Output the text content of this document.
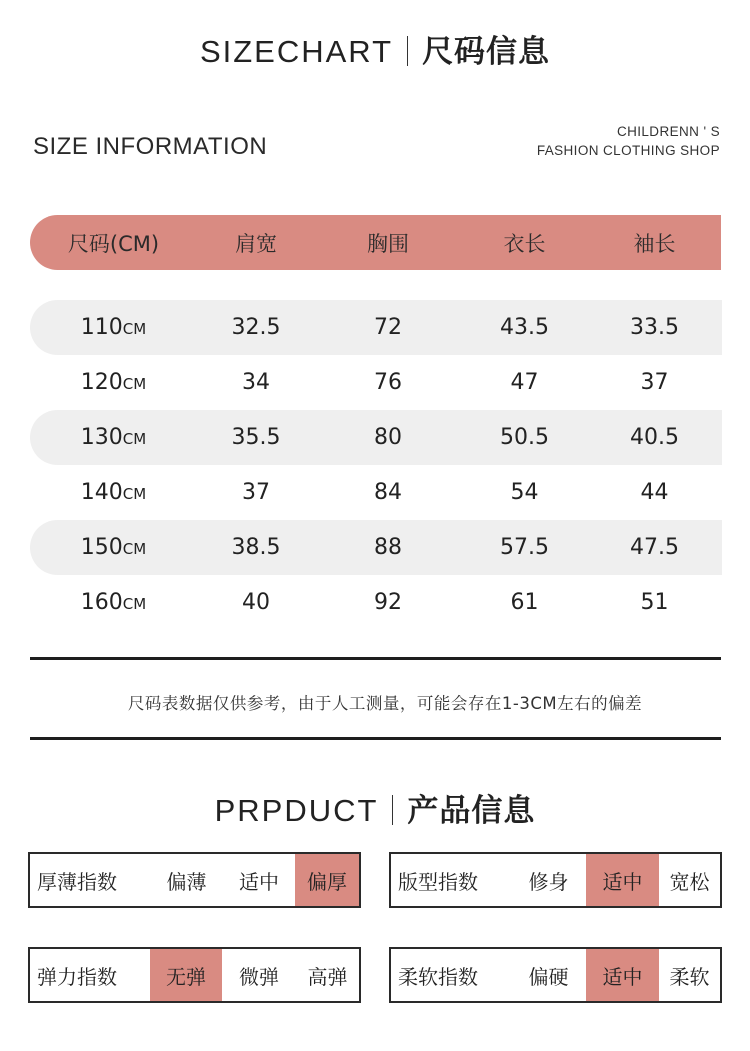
SIZECHART 尺码信息
SIZE INFORMATION
CHILDRENN ' S
FASHION CLOTHING SHOP
尺码(CM)	肩宽	胸围	衣长	袖长
110CM	32.5	72	43.5	33.5
120CM	34	76	47	37
130CM	35.5	80	50.5	40.5
140CM	37	84	54	44
150CM	38.5	88	57.5	47.5
160CM	40	92	61	51
尺码表数据仅供参考，由于人工测量，可能会存在1-3CM左右的偏差
PRPDUCT 产品信息
厚薄指数	偏薄	适中	偏厚	版型指数	修身	适中	宽松
弹力指数	无弹	微弹	高弹	柔软指数	偏硬	适中	柔软
